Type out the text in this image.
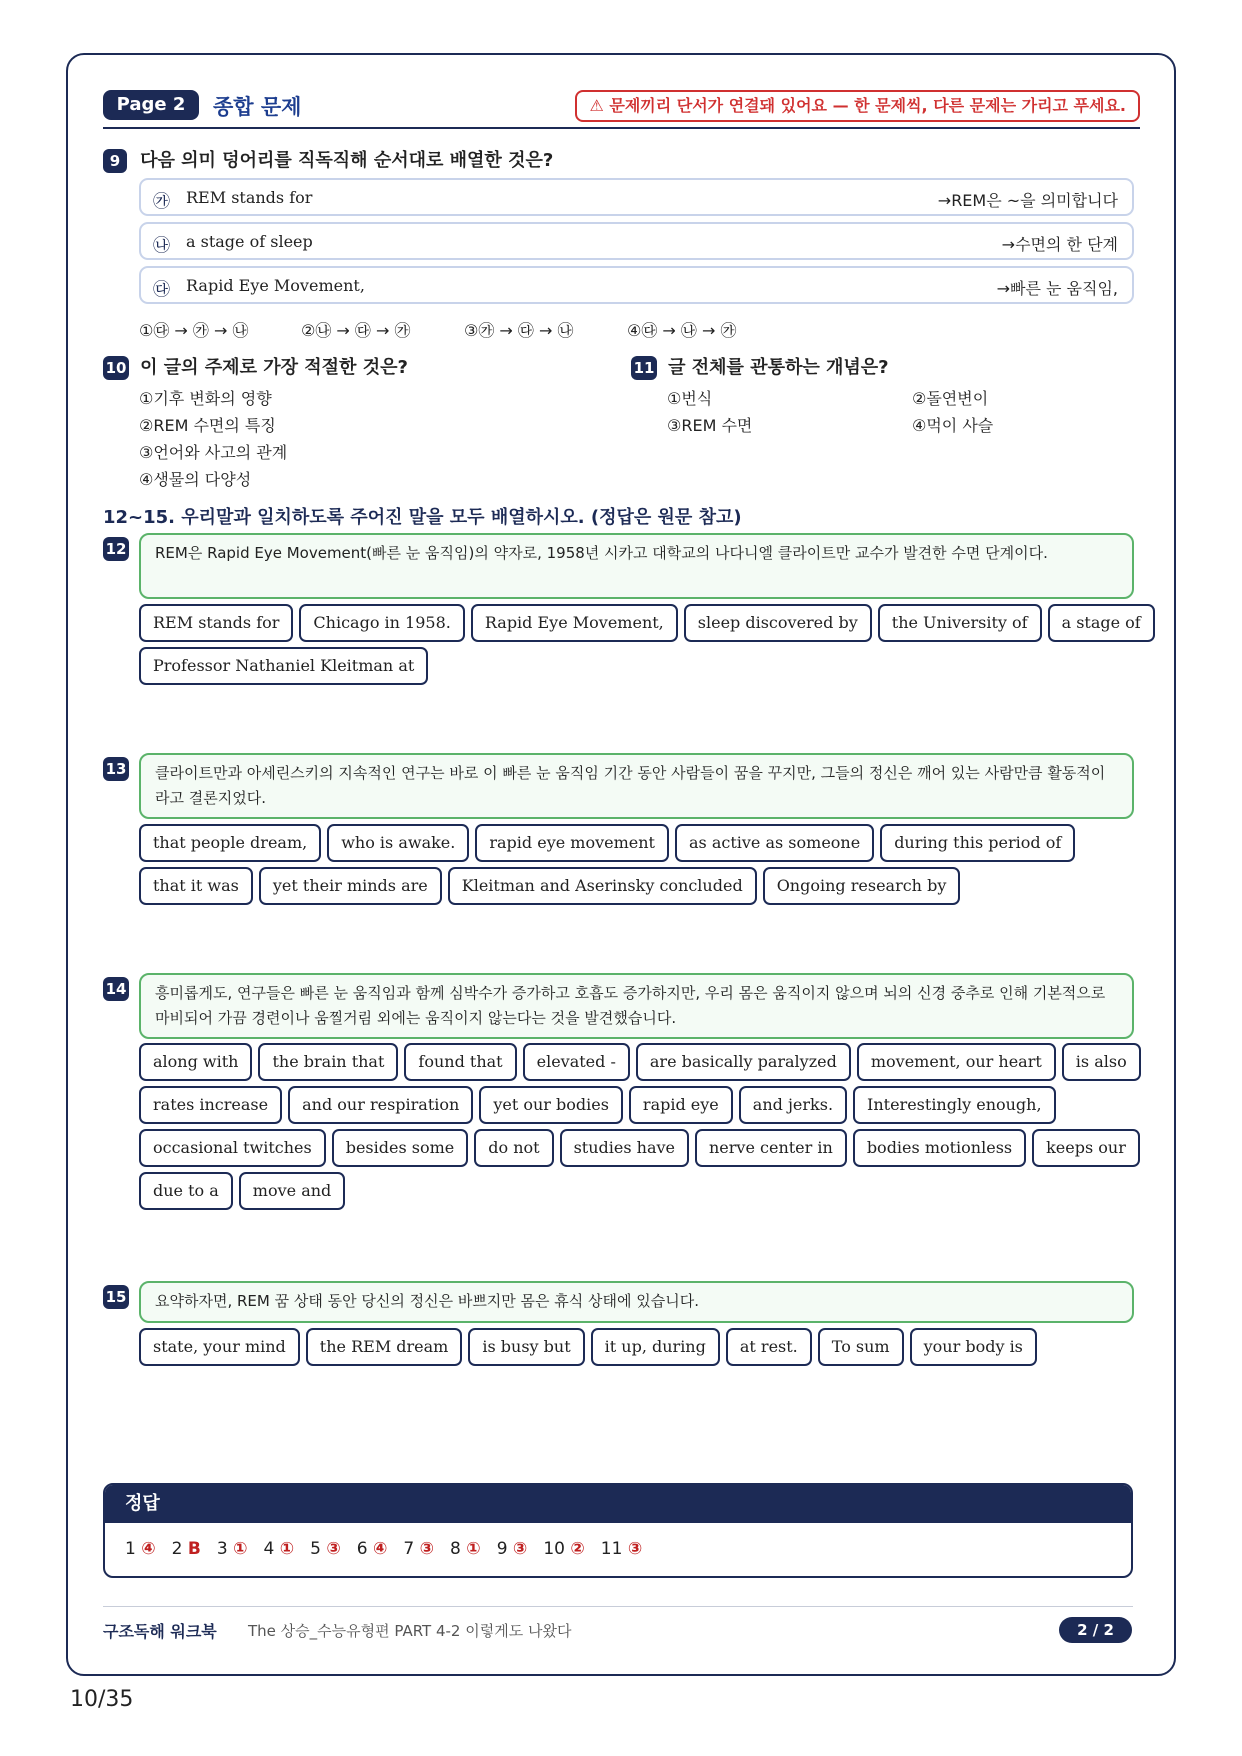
Page 2	종합 문제	⚠ 문제끼리 단서가 연결돼 있어요 — 한 문제씩, 다른 문제는 가리고 푸세요.
9 다음 의미 덩어리를 직독직해 순서대로 배열한 것은?
㉮ REM stands for	→REM은 ~을 의미합니다
㉯ a stage of sleep	→수면의 한 단계
㉰ Rapid Eye Movement,	→빠른 눈 움직임,
①㉰ → ㉮ → ㉯	②㉯ → ㉰ → ㉮	③㉮ → ㉰ → ㉯	④㉰ → ㉯ → ㉮
10 이 글의 주제로 가장 적절한 것은?
①기후 변화의 영향
②REM 수면의 특징
③언어와 사고의 관계
④생물의 다양성
11 글 전체를 관통하는 개념은?
①번식	②돌연변이
③REM 수면	④먹이 사슬
12~15. 우리말과 일치하도록 주어진 말을 모두 배열하시오. (정답은 원문 참고)
12	REM은 Rapid Eye Movement(빠른 눈 움직임)의 약자로, 1958년 시카고 대학교의 나다니엘 클라이트만 교수가 발견한 수면 단계이다.
REM stands for	Chicago in 1958.	Rapid Eye Movement,	sleep discovered by	the University of	a stage of
Professor Nathaniel Kleitman at
13	클라이트만과 아세린스키의 지속적인 연구는 바로 이 빠른 눈 움직임 기간 동안 사람들이 꿈을 꾸지만, 그들의 정신은 깨어 있는 사람만큼 활동적이라고 결론지었다.
that people dream,	who is awake.	rapid eye movement	as active as someone	during this period of
that it was	yet their minds are	Kleitman and Aserinsky concluded	Ongoing research by
14	흥미롭게도, 연구들은 빠른 눈 움직임과 함께 심박수가 증가하고 호흡도 증가하지만, 우리 몸은 움직이지 않으며 뇌의 신경 중추로 인해 기본적으로 마비되어 가끔 경련이나 움찔거림 외에는 움직이지 않는다는 것을 발견했습니다.
along with	the brain that	found that	elevated -	are basically paralyzed	movement, our heart	is also
rates increase	and our respiration	yet our bodies	rapid eye	and jerks.	Interestingly enough,
occasional twitches	besides some	do not	studies have	nerve center in	bodies motionless	keeps our
due to a	move and
15	요약하자면, REM 꿈 상태 동안 당신의 정신은 바쁘지만 몸은 휴식 상태에 있습니다.
state, your mind	the REM dream	is busy but	it up, during	at rest.	To sum	your body is
정답
1 ④ 2 B 3 ① 4 ① 5 ③ 6 ④ 7 ③ 8 ① 9 ③ 10 ② 11 ③
구조독해 워크북 The 상승_수능유형편 PART 4-2 이렇게도 나왔다	2 / 2
10/35
